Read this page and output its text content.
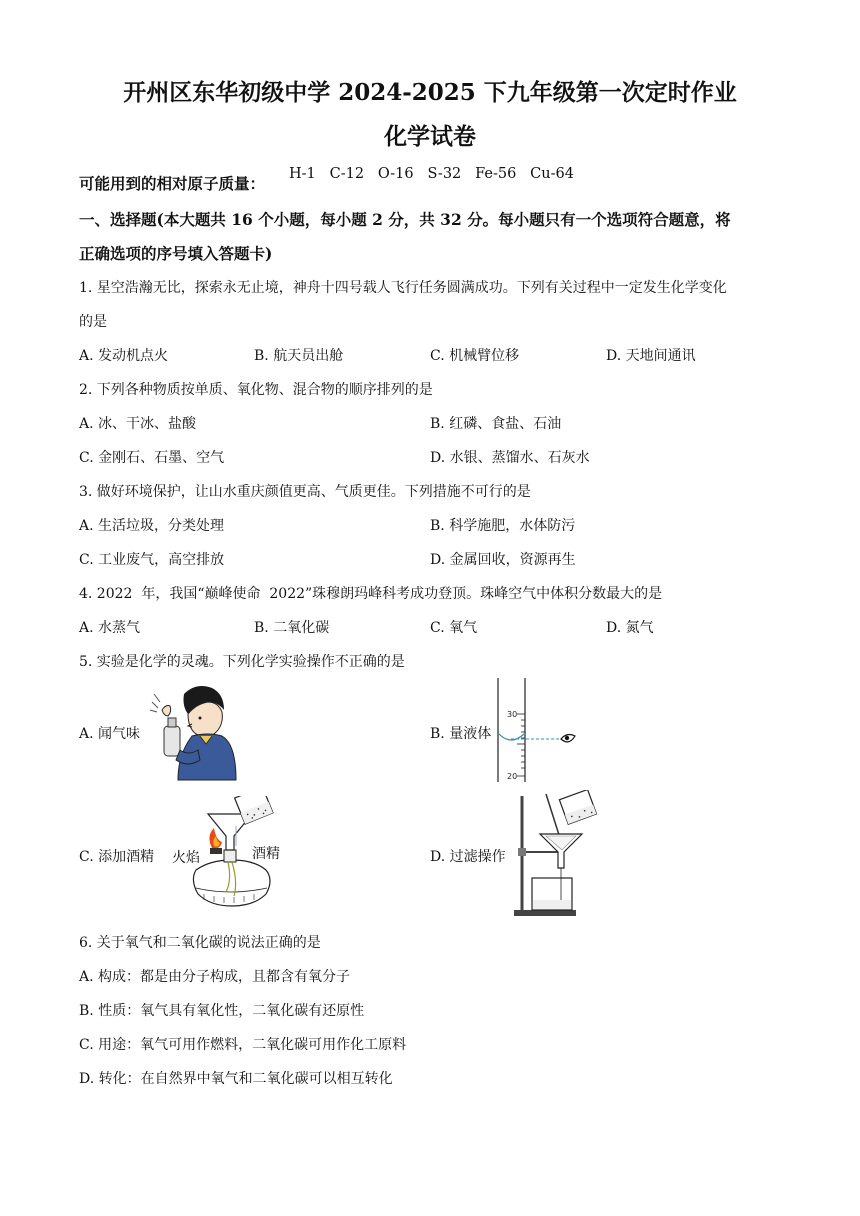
开州区东华初级中学 2024-2025 下九年级第一次定时作业
化学试卷
可能用到的相对原子质量： H-1   C-12   O-16   S-32   Fe-56   Cu-64
一、选择题(本大题共 16 个小题，每小题 2 分，共 32 分。每小题只有一个选项符合题意，将
正确选项的序号填入答题卡)
1. 星空浩瀚无比，探索永无止境，神舟十四号载人飞行任务圆满成功。下列有关过程中一定发生化学变化
的是
A. 发动机点火	B. 航天员出舱	C. 机械臂位移	D. 天地间通讯
2. 下列各种物质按单质、氧化物、混合物的顺序排列的是
A. 冰、干冰、盐酸	B. 红磷、食盐、石油
C. 金刚石、石墨、空气	D. 水银、蒸馏水、石灰水
3. 做好环境保护，让山水重庆颜值更高、气质更佳。下列措施不可行的是
A. 生活垃圾，分类处理	B. 科学施肥，水体防污
C. 工业废气，高空排放	D. 金属回收，资源再生
4. 2022  年，我国“巅峰使命  2022”珠穆朗玛峰科考成功登顶。珠峰空气中体积分数最大的是
A. 水蒸气	B. 二氧化碳	C. 氧气	D. 氮气
5. 实验是化学的灵魂。下列化学实验操作不正确的是
A. 闻气味	B. 量液体
30
20
C. 添加酒精 火焰	酒精	D. 过滤操作
6. 关于氧气和二氧化碳的说法正确的是
A. 构成：都是由分子构成，且都含有氧分子
B. 性质：氧气具有氧化性，二氧化碳有还原性
C. 用途：氧气可用作燃料，二氧化碳可用作化工原料
D. 转化：在自然界中氧气和二氧化碳可以相互转化
